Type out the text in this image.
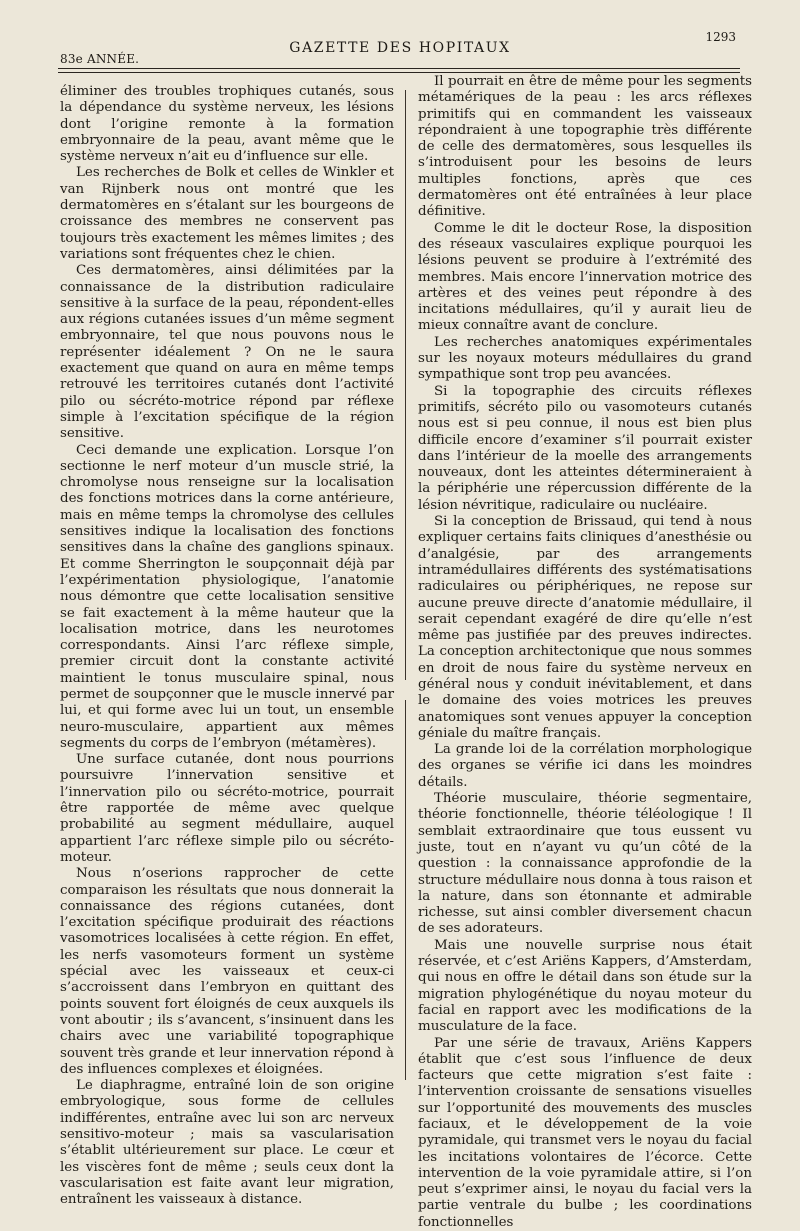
83e ANNÉE.
GAZETTE DES HOPITAUX
1293

éliminer des troubles trophiques cutanés, sous la dépendance du système nerveux, les lésions dont l’origine remonte à la formation embryonnaire de la peau, avant même que le système nerveux n’ait eu d’influence sur elle.

Les recherches de Bolk et celles de Winkler et van Rijnberk nous ont montré que les dermatomères en s’étalant sur les bourgeons de croissance des membres ne conservent pas toujours très exactement les mêmes limites ; des variations sont fréquentes chez le chien.

Ces dermatomères, ainsi délimitées par la connaissance de la distribution radiculaire sensitive à la surface de la peau, répondent-elles aux régions cutanées issues d’un même segment embryonnaire, tel que nous pouvons nous le représenter idéalement ? On ne le saura exactement que quand on aura en même temps retrouvé les territoires cutanés dont l’activité pilo ou sécréto-motrice répond par réflexe simple à l’excitation spécifique de la région sensitive.

Ceci demande une explication. Lorsque l’on sectionne le nerf moteur d’un muscle strié, la chromolyse nous renseigne sur la localisation des fonctions motrices dans la corne antérieure, mais en même temps la chromolyse des cellules sensitives indique la localisation des fonctions sensitives dans la chaîne des ganglions spinaux. Et comme Sherrington le soupçonnait déjà par l’expérimentation physiologique, l’anatomie nous démontre que cette localisation sensitive se fait exactement à la même hauteur que la localisation motrice, dans les neurotomes correspondants. Ainsi l’arc réflexe simple, premier circuit dont la constante activité maintient le tonus musculaire spinal, nous permet de soupçonner que le muscle innervé par lui, et qui forme avec lui un tout, un ensemble neuro-musculaire, appartient aux mêmes segments du corps de l’embryon (métamères).

Une surface cutanée, dont nous pourrions poursuivre l’innervation sensitive et l’innervation pilo ou sécréto-motrice, pourrait être rapportée de même avec quelque probabilité au segment médullaire, auquel appartient l’arc réflexe simple pilo ou sécréto-moteur.

Nous n’oserions rapprocher de cette comparaison les résultats que nous donnerait la connaissance des régions cutanées, dont l’excitation spécifique produirait des réactions vasomotrices localisées à cette région. En effet, les nerfs vasomoteurs forment un système spécial avec les vaisseaux et ceux-ci s’accroissent dans l’embryon en quittant des points souvent fort éloignés de ceux auxquels ils vont aboutir ; ils s’avancent, s’insinuent dans les chairs avec une variabilité topographique souvent très grande et leur innervation répond à des influences complexes et éloignées.

Le diaphragme, entraîné loin de son origine embryologique, sous forme de cellules indifférentes, entraîne avec lui son arc nerveux sensitivo-moteur ; mais sa vascularisation s’établit ultérieurement sur place. Le cœur et les viscères font de même ; seuls ceux dont la vascularisation est faite avant leur migration, entraînent les vaisseaux à distance.

Il pourrait en être de même pour les segments métamériques de la peau : les arcs réflexes primitifs qui en commandent les vaisseaux répondraient à une topographie très différente de celle des dermatomères, sous lesquelles ils s’introduisent pour les besoins de leurs multiples fonctions, après que ces dermatomères ont été entraînées à leur place définitive.

Comme le dit le docteur Rose, la disposition des réseaux vasculaires explique pourquoi les lésions peuvent se produire à l’extrémité des membres. Mais encore l’innervation motrice des artères et des veines peut répondre à des incitations médullaires, qu’il y aurait lieu de mieux connaître avant de conclure.

Les recherches anatomiques expérimentales sur les noyaux moteurs médullaires du grand sympathique sont trop peu avancées.

Si la topographie des circuits réflexes primitifs, sécréto pilo ou vasomoteurs cutanés nous est si peu connue, il nous est bien plus difficile encore d’examiner s’il pourrait exister dans l’intérieur de la moelle des arrangements nouveaux, dont les atteintes détermineraient à la périphérie une répercussion différente de la lésion névritique, radiculaire ou nucléaire.

Si la conception de Brissaud, qui tend à nous expliquer certains faits cliniques d’anesthésie ou d’analgésie, par des arrangements intramédullaires différents des systématisations radiculaires ou périphériques, ne repose sur aucune preuve directe d’anatomie médullaire, il serait cependant exagéré de dire qu’elle n’est même pas justifiée par des preuves indirectes. La conception architectonique que nous sommes en droit de nous faire du système nerveux en général nous y conduit inévitablement, et dans le domaine des voies motrices les preuves anatomiques sont venues appuyer la conception géniale du maître français.

La grande loi de la corrélation morphologique des organes se vérifie ici dans les moindres détails.

Théorie musculaire, théorie segmentaire, théorie fonctionnelle, théorie téléologique ! Il semblait extraordinaire que tous eussent vu juste, tout en n’ayant vu qu’un côté de la question : la connaissance approfondie de la structure médullaire nous donna à tous raison et la nature, dans son étonnante et admirable richesse, sut ainsi combler diversement chacun de ses adorateurs.

Mais une nouvelle surprise nous était réservée, et c’est Ariëns Kappers, d’Amsterdam, qui nous en offre le détail dans son étude sur la migration phylogénétique du noyau moteur du facial en rapport avec les modifications de la musculature de la face.

Par une série de travaux, Ariëns Kappers établit que c’est sous l’influence de deux facteurs que cette migration s’est faite : l’intervention croissante de sensations visuelles sur l’opportunité des mouvements des muscles faciaux, et le développement de la voie pyramidale, qui transmet vers le noyau du facial les incitations volontaires de l’écorce. Cette intervention de la voie pyramidale attire, si l’on peut s’exprimer ainsi, le noyau du facial vers la partie ventrale du bulbe ; les coordinations fonctionnelles
